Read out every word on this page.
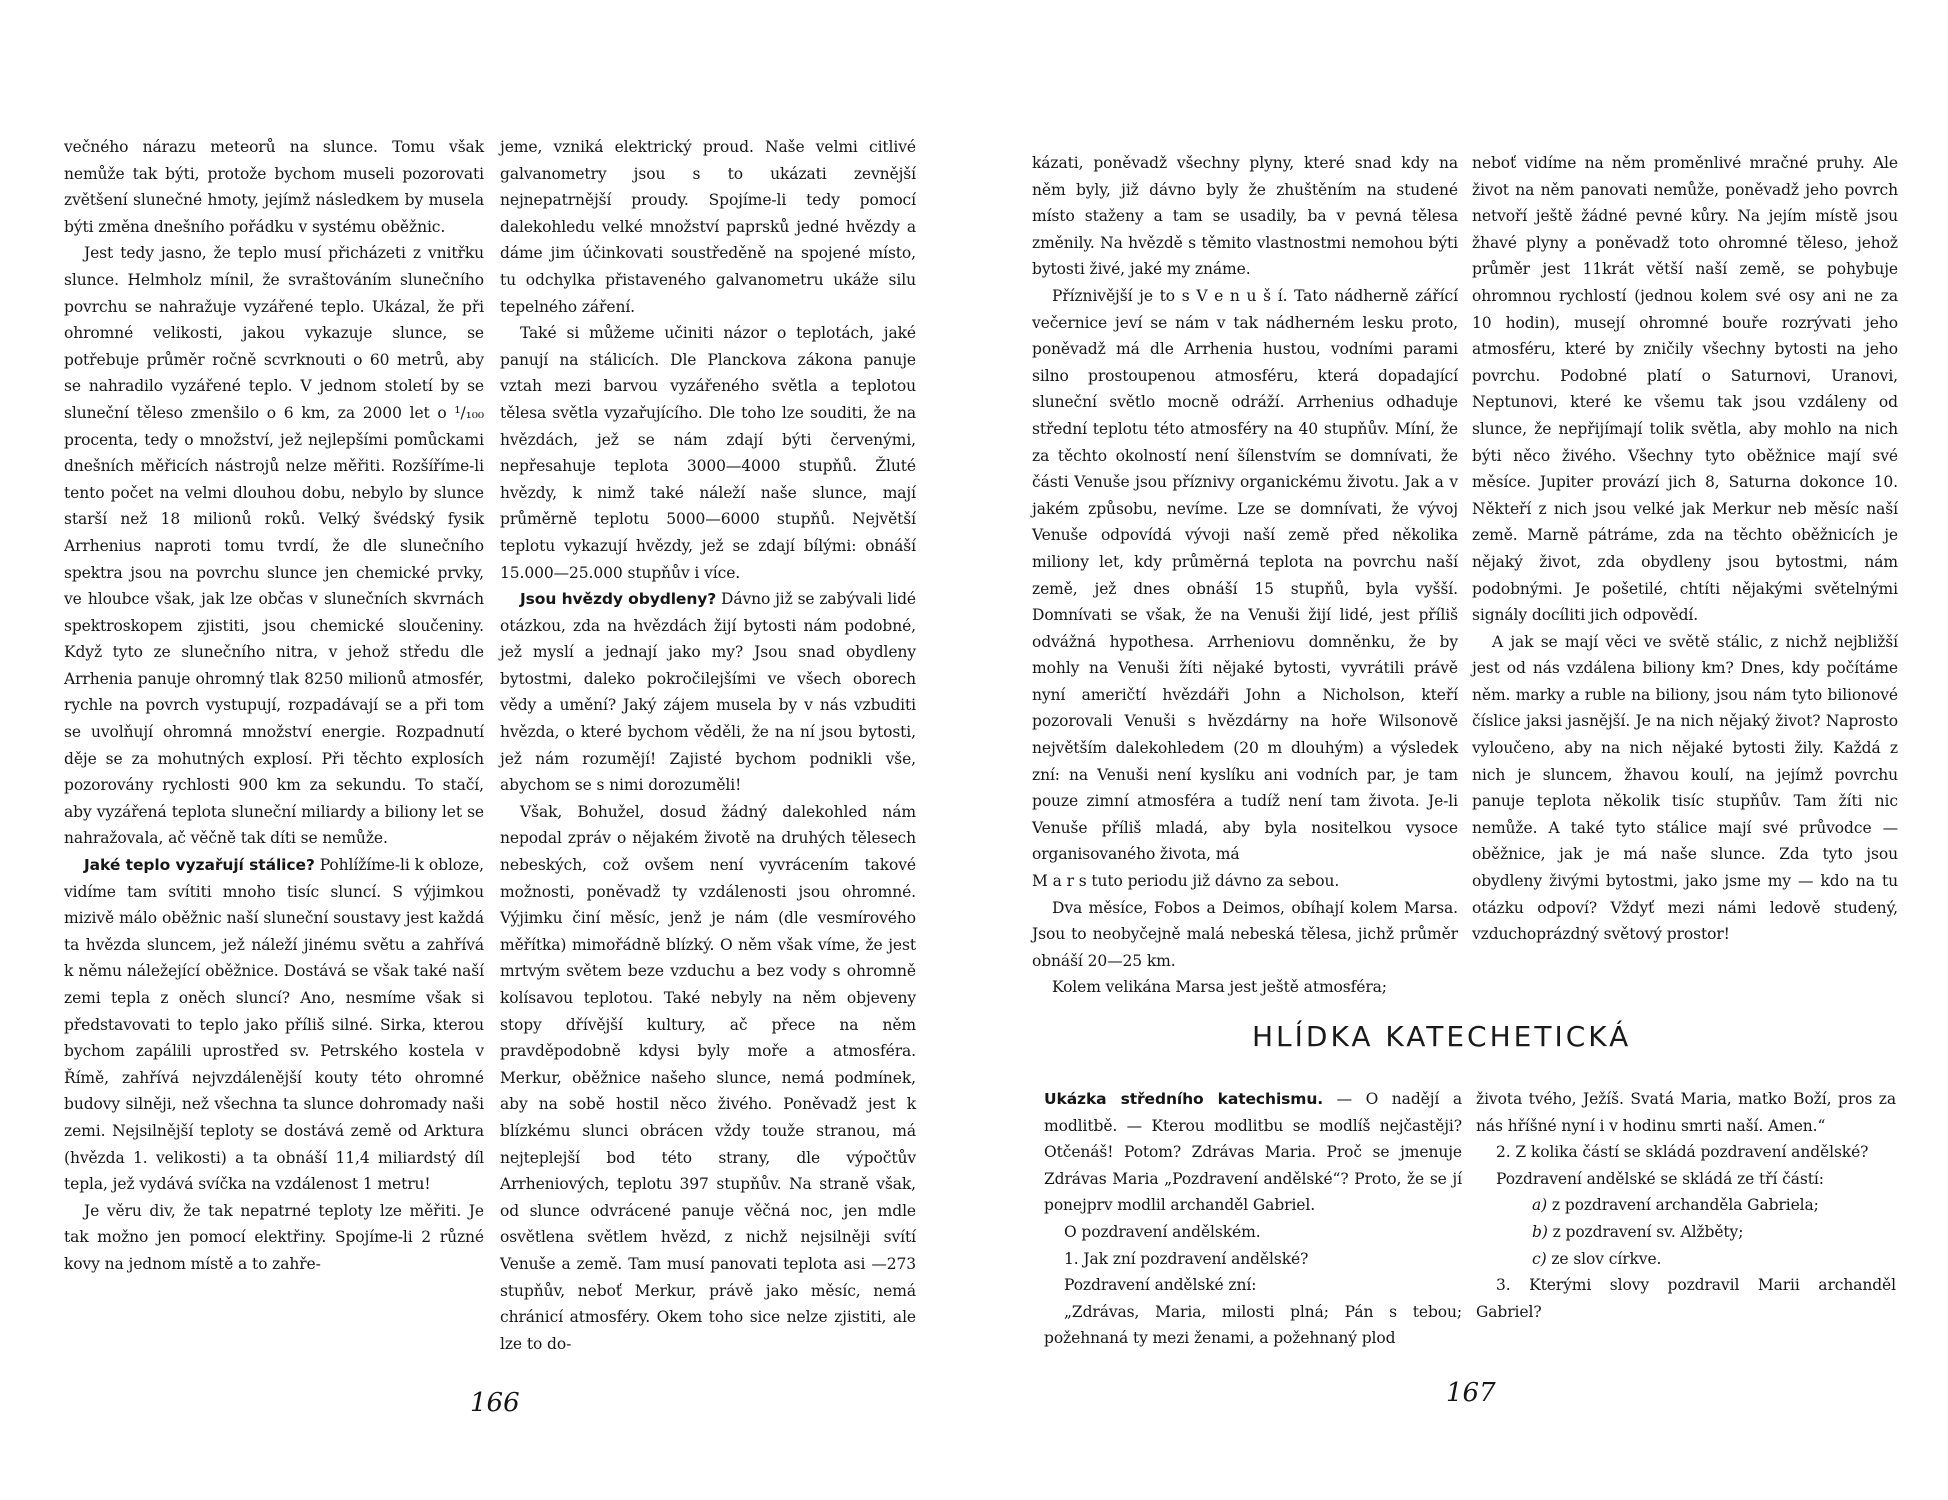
večného nárazu meteorů na slunce. Tomu však nemůže tak býti, protože bychom museli pozorovati zvětšení slunečné hmoty, jejímž následkem by musela býti změna dnešního pořádku v systému oběžnic.

Jest tedy jasno, že teplo musí přicházeti z vnitřku slunce. Helmholz mínil, že svraštováním slunečního povrchu se nahražuje vyzářené teplo. Ukázal, že při ohromné velikosti, jakou vykazuje slunce, se potřebuje průměr ročně scvrknouti o 60 metrů, aby se nahradilo vyzářené teplo. V jednom století by se sluneční těleso zmenšilo o 6 km, za 2000 let o ¹/₁₀₀ procenta, tedy o množství, jež nejlepšími pomůckami dnešních měřicích nástrojů nelze měřiti. Rozšíříme-li tento počet na velmi dlouhou dobu, nebylo by slunce starší než 18 milionů roků. Velký švédský fysik Arrhenius naproti tomu tvrdí, že dle slunečního spektra jsou na povrchu slunce jen chemické prvky, ve hloubce však, jak lze občas v slunečních skvrnách spektroskopem zjistiti, jsou chemické sloučeniny. Když tyto ze slunečního nitra, v jehož středu dle Arrhenia panuje ohromný tlak 8250 milionů atmosfér, rychle na povrch vystupují, rozpadávají se a při tom se uvolňují ohromná množství energie. Rozpadnutí děje se za mohutných explosí. Při těchto explosích pozorovány rychlosti 900 km za sekundu. To stačí, aby vyzářená teplota sluneční miliardy a biliony let se nahražovala, ač věčně tak díti se nemůže.

Jaké teplo vyzařují stálice? Pohlížíme-li k obloze, vidíme tam svítiti mnoho tisíc sluncí. S výjimkou mizivě málo oběžnic naší sluneční soustavy jest každá ta hvězda sluncem, jež náleží jinému světu a zahřívá k němu náležející oběžnice. Dostává se však také naší zemi tepla z oněch sluncí? Ano, nesmíme však si představovati to teplo jako příliš silné. Sirka, kterou bychom zapálili uprostřed sv. Petrského kostela v Římě, zahřívá nejvzdálenější kouty této ohromné budovy silněji, než všechna ta slunce dohromady naši zemi. Nejsilnější teploty se dostává země od Arktura (hvězda 1. velikosti) a ta obnáší 11,4 miliardstý díl tepla, jež vydává svíčka na vzdálenost 1 metru!

Je věru div, že tak nepatrné teploty lze měřiti. Je tak možno jen pomocí elektřiny. Spojíme-li 2 různé kovy na jednom místě a to zahře-

jeme, vzniká elektrický proud. Naše velmi citlivé galvanometry jsou s to ukázati zevnější nejnepatrnější proudy. Spojíme-li tedy pomocí dalekohledu velké množství paprsků jedné hvězdy a dáme jim účinkovati soustředěně na spojené místo, tu odchylka přistaveného galvanometru ukáže silu tepelného záření.

Také si můžeme učiniti názor o teplotách, jaké panují na stálicích. Dle Planckova zákona panuje vztah mezi barvou vyzářeného světla a teplotou tělesa světla vyzařujícího. Dle toho lze souditi, že na hvězdách, jež se nám zdají býti červenými, nepřesahuje teplota 3000—4000 stupňů. Žluté hvězdy, k nimž také náleží naše slunce, mají průměrně teplotu 5000—6000 stupňů. Největší teplotu vykazují hvězdy, jež se zdají bílými: obnáší 15.000—25.000 stupňův i více.

Jsou hvězdy obydleny? Dávno již se zabývali lidé otázkou, zda na hvězdách žijí bytosti nám podobné, jež myslí a jednají jako my? Jsou snad obydleny bytostmi, daleko pokročilejšími ve všech oborech vědy a umění? Jaký zájem musela by v nás vzbuditi hvězda, o které bychom věděli, že na ní jsou bytosti, jež nám rozumějí! Zajisté bychom podnikli vše, abychom se s nimi dorozuměli!

Však, Bohužel, dosud žádný dalekohled nám nepodal zpráv o nějakém životě na druhých tělesech nebeských, což ovšem není vyvrácením takové možnosti, poněvadž ty vzdálenosti jsou ohromné. Výjimku činí měsíc, jenž je nám (dle vesmírového měřítka) mimořádně blízký. O něm však víme, že jest mrtvým světem beze vzduchu a bez vody s ohromně kolísavou teplotou. Také nebyly na něm objeveny stopy dřívější kultury, ač přece na něm pravděpodobně kdysi byly moře a atmosféra. Merkur, oběžnice našeho slunce, nemá podmínek, aby na sobě hostil něco živého. Poněvadž jest k blízkému slunci obrácen vždy touže stranou, má nejteplejší bod této strany, dle výpočtův Arrheniových, teplotu 397 stupňův. Na straně však, od slunce odvrácené panuje věčná noc, jen mdle osvětlena světlem hvězd, z nichž nejsilněji svítí Venuše a země. Tam musí panovati teplota asi —273 stupňův, neboť Merkur, právě jako měsíc, nemá chránicí atmosféry. Okem toho sice nelze zjistiti, ale lze to do-

166

kázati, poněvadž všechny plyny, které snad kdy na něm byly, již dávno byly že zhuštěním na studené místo staženy a tam se usadily, ba v pevná tělesa změnily. Na hvězdě s těmito vlastnostmi nemohou býti bytosti živé, jaké my známe.

Příznivější je to s V e n u š í. Tato nádherně zářící večernice jeví se nám v tak nádherném lesku proto, poněvadž má dle Arrhenia hustou, vodními parami silno prostoupenou atmosféru, která dopadající sluneční světlo mocně odráží. Arrhenius odhaduje střední teplotu této atmosféry na 40 stupňův. Míní, že za těchto okolností není šílenstvím se domnívati, že části Venuše jsou příznivy organickému životu. Jak a v jakém způsobu, nevíme. Lze se domnívati, že vývoj Venuše odpovídá vývoji naší země před několika miliony let, kdy průměrná teplota na povrchu naší země, jež dnes obnáší 15 stupňů, byla vyšší. Domnívati se však, že na Venuši žijí lidé, jest příliš odvážná hypothesa. Arrheniovu domněnku, že by mohly na Venuši žíti nějaké bytosti, vyvrátili právě nyní američtí hvězdáři John a Nicholson, kteří pozorovali Venuši s hvězdárny na hoře Wilsonově největším dalekohledem (20 m dlouhým) a výsledek zní: na Venuši není kyslíku ani vodních par, je tam pouze zimní atmosféra a tudíž není tam života. Je-li Venuše příliš mladá, aby byla nositelkou vysoce organisovaného života, má

M a r s tuto periodu již dávno za sebou.

Dva měsíce, Fobos a Deimos, obíhají kolem Marsa. Jsou to neobyčejně malá nebeská tělesa, jichž průměr obnáší 20—25 km.

Kolem velikána Marsa jest ještě atmosféra;

neboť vidíme na něm proměnlivé mračné pruhy. Ale život na něm panovati nemůže, poněvadž jeho povrch netvoří ještě žádné pevné kůry. Na jejím místě jsou žhavé plyny a poněvadž toto ohromné těleso, jehož průměr jest 11krát větší naší země, se pohybuje ohromnou rychlostí (jednou kolem své osy ani ne za 10 hodin), musejí ohromné bouře rozrývati jeho atmosféru, které by zničily všechny bytosti na jeho povrchu. Podobné platí o Saturnovi, Uranovi, Neptunovi, které ke všemu tak jsou vzdáleny od slunce, že nepřijímají tolik světla, aby mohlo na nich býti něco živého. Všechny tyto oběžnice mají své měsíce. Jupiter provází jich 8, Saturna dokonce 10. Někteří z nich jsou velké jak Merkur neb měsíc naší země. Marně pátráme, zda na těchto oběžnicích je nějaký život, zda obydleny jsou bytostmi, nám podobnými. Je pošetilé, chtíti nějakými světelnými signály docíliti jich odpovědí.

A jak se mají věci ve světě stálic, z nichž nejbližší jest od nás vzdálena biliony km? Dnes, kdy počítáme něm. marky a ruble na biliony, jsou nám tyto bilionové číslice jaksi jasnější. Je na nich nějaký život? Naprosto vyloučeno, aby na nich nějaké bytosti žily. Každá z nich je sluncem, žhavou koulí, na jejímž povrchu panuje teplota několik tisíc stupňův. Tam žíti nic nemůže. A také tyto stálice mají své průvodce — oběžnice, jak je má naše slunce. Zda tyto jsou obydleny živými bytostmi, jako jsme my — kdo na tu otázku odpoví? Vždyť mezi námi ledově studený, vzduchoprázdný světový prostor!

HLÍDKA KATECHETICKÁ

Ukázka středního katechismu. — O nadějí a modlitbě. — Kterou modlitbu se modlíš nejčastěji? Otčenáš! Potom? Zdrávas Maria. Proč se jmenuje Zdrávas Maria „Pozdravení andělské“? Proto, že se jí ponejprv modlil archanděl Gabriel.

O pozdravení andělském.

1. Jak zní pozdravení andělské?

Pozdravení andělské zní:

„Zdrávas, Maria, milosti plná; Pán s tebou; požehnaná ty mezi ženami, a požehnaný plod

života tvého, Ježíš. Svatá Maria, matko Boží, pros za nás hříšné nyní i v hodinu smrti naší. Amen.“

2. Z kolika částí se skládá pozdravení andělské?

Pozdravení andělské se skládá ze tří částí:

a) z pozdravení archanděla Gabriela;

b) z pozdravení sv. Alžběty;

c) ze slov církve.

3. Kterými slovy pozdravil Marii archanděl Gabriel?

167
